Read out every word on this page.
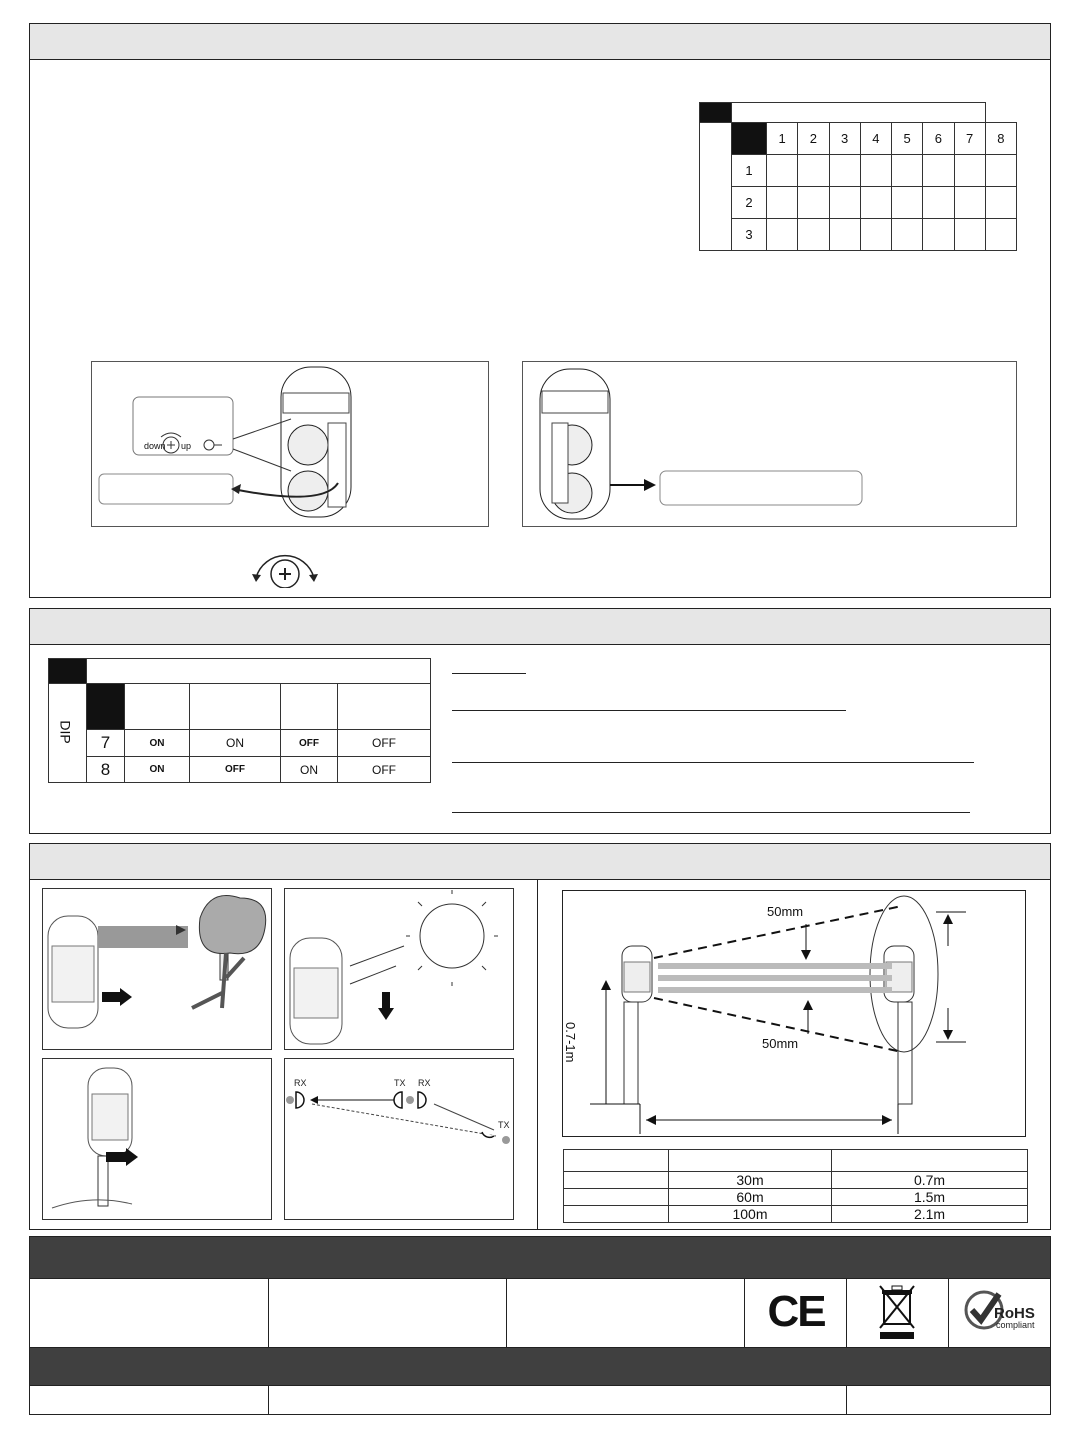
		1	2	3	4	5	6	7	8
	1								
	2								
	3								
down up

DIP					

	7	ON	ON	OFF	OFF
	8	ON	OFF	ON	OFF
RX	TX RX
TX
50mm
50mm
0.7-1m

	30m	0.7m
	60m	1.5m
	100m	2.1m
CE	RoHS
compliant
